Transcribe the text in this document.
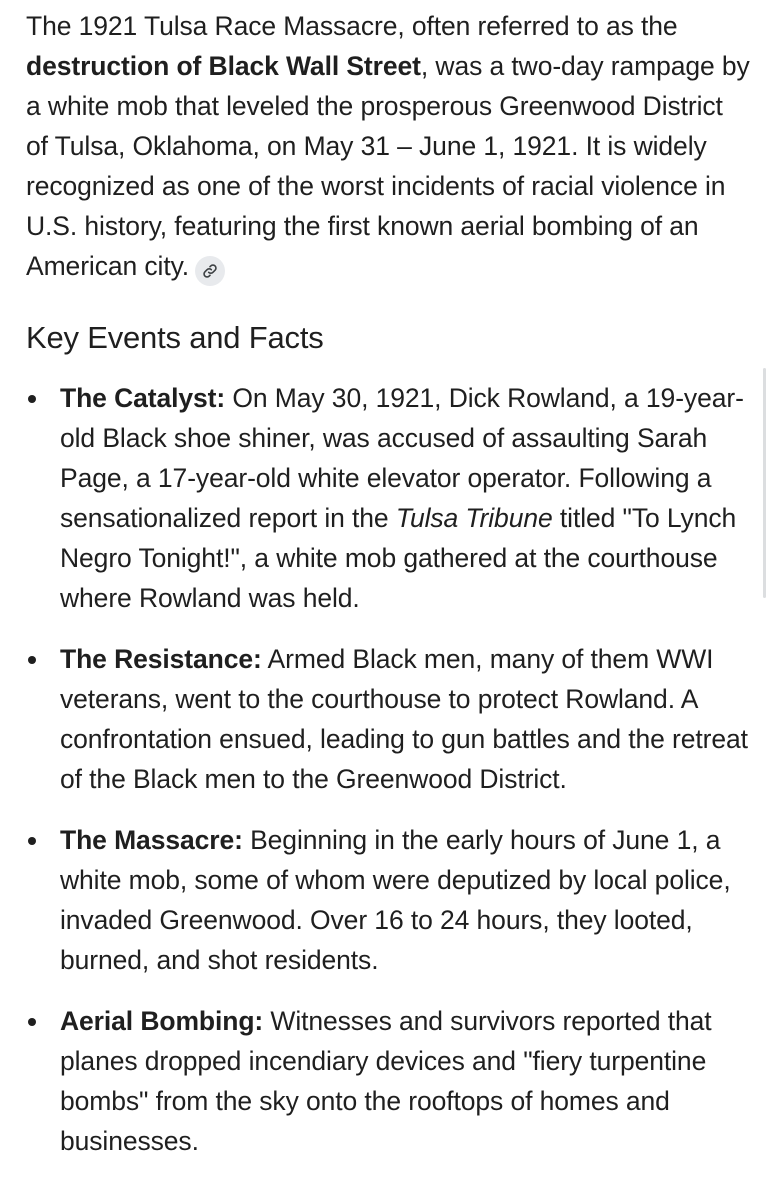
The 1921 Tulsa Race Massacre, often referred to as the destruction of Black Wall Street, was a two-day rampage by a white mob that leveled the prosperous Greenwood District of Tulsa, Oklahoma, on May 31 – June 1, 1921. It is widely recognized as one of the worst incidents of racial violence in U.S. history, featuring the first known aerial bombing of an American city.

Key Events and Facts
The Catalyst: On May 30, 1921, Dick Rowland, a 19-year-old Black shoe shiner, was accused of assaulting Sarah Page, a 17-year-old white elevator operator. Following a sensationalized report in the Tulsa Tribune titled "To Lynch Negro Tonight!", a white mob gathered at the courthouse where Rowland was held.
The Resistance: Armed Black men, many of them WWI veterans, went to the courthouse to protect Rowland. A confrontation ensued, leading to gun battles and the retreat of the Black men to the Greenwood District.
The Massacre: Beginning in the early hours of June 1, a white mob, some of whom were deputized by local police, invaded Greenwood. Over 16 to 24 hours, they looted, burned, and shot residents.
Aerial Bombing: Witnesses and survivors reported that planes dropped incendiary devices and "fiery turpentine bombs" from the sky onto the rooftops of homes and businesses.
